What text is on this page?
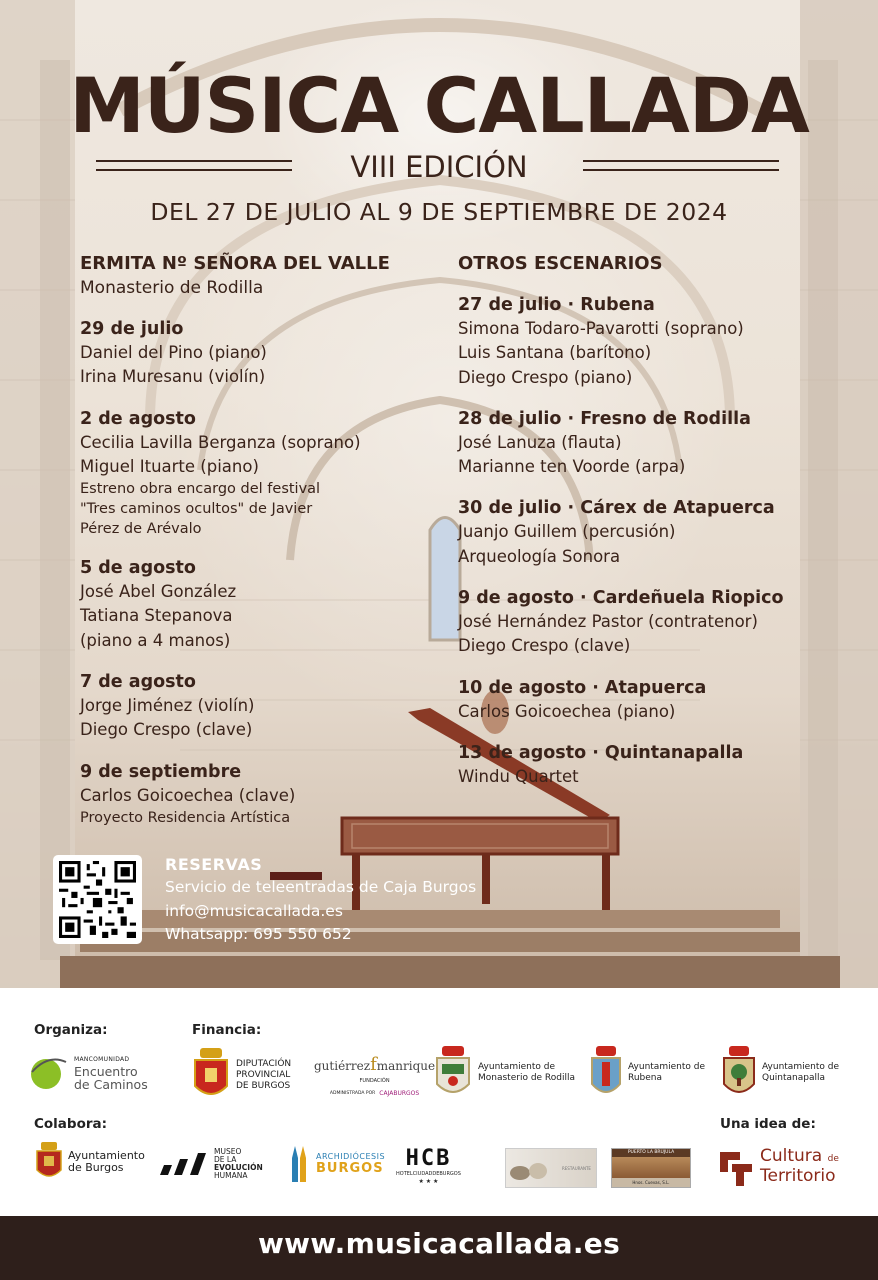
MÚSICA CALLADA
VIII EDICIÓN
DEL 27 DE JULIO AL 9 DE SEPTIEMBRE DE 2024
ERMITA Nº SEÑORA DEL VALLE
Monasterio de Rodilla
29 de julio
Daniel del Pino (piano)
Irina Muresanu (violín)
2 de agosto
Cecilia Lavilla Berganza (soprano)
Miguel Ituarte (piano)
Estreno obra encargo del festival
"Tres caminos ocultos" de Javier
Pérez de Arévalo
5 de agosto
José Abel González
Tatiana Stepanova
(piano a 4 manos)
7 de agosto
Jorge Jiménez (violín)
Diego Crespo (clave)
9 de septiembre
Carlos Goicoechea (clave)
Proyecto Residencia Artística
OTROS ESCENARIOS
27 de julio · Rubena
Simona Todaro-Pavarotti (soprano)
Luis Santana (barítono)
Diego Crespo (piano)
28 de julio · Fresno de Rodilla
José Lanuza (flauta)
Marianne ten Voorde (arpa)
30 de julio · Cárex de Atapuerca
Juanjo Guillem (percusión)
Arqueología Sonora
9 de agosto · Cardeñuela Riopico
José Hernández Pastor (contratenor)
Diego Crespo (clave)
10 de agosto · Atapuerca
Carlos Goicoechea (piano)
13 de agosto · Quintanapalla
Windu Quartet
RESERVAS
Servicio de teleentradas de Caja Burgos
info@musicacallada.es
Whatsapp: 695 550 652
Organiza:	Financia:
Colabora:	Una idea de:
MANCOMUNIDAD
Encuentro
de Caminos
DIPUTACIÓN
PROVINCIAL
DE BURGOS
gutiérrezfmanrique
FUNDACIÓN
ADMINISTRADA POR CAJABURGOS
Ayuntamiento de
Monasterio de Rodilla
Ayuntamiento de
Rubena
Ayuntamiento de
Quintanapalla
Ayuntamiento
de Burgos
MUSEO
DE LA
EVOLUCIÓN
HUMANA
ARCHIDIÓCESIS
BURGOS HCB
HOTELCIUDADDEBURGOS
★ ★ ★
RESTAURANTE
PUERTO LA BRÚJULA
Hnos. Cuevas, S.L.
Cultura de
Territorio
www.musicacallada.es
